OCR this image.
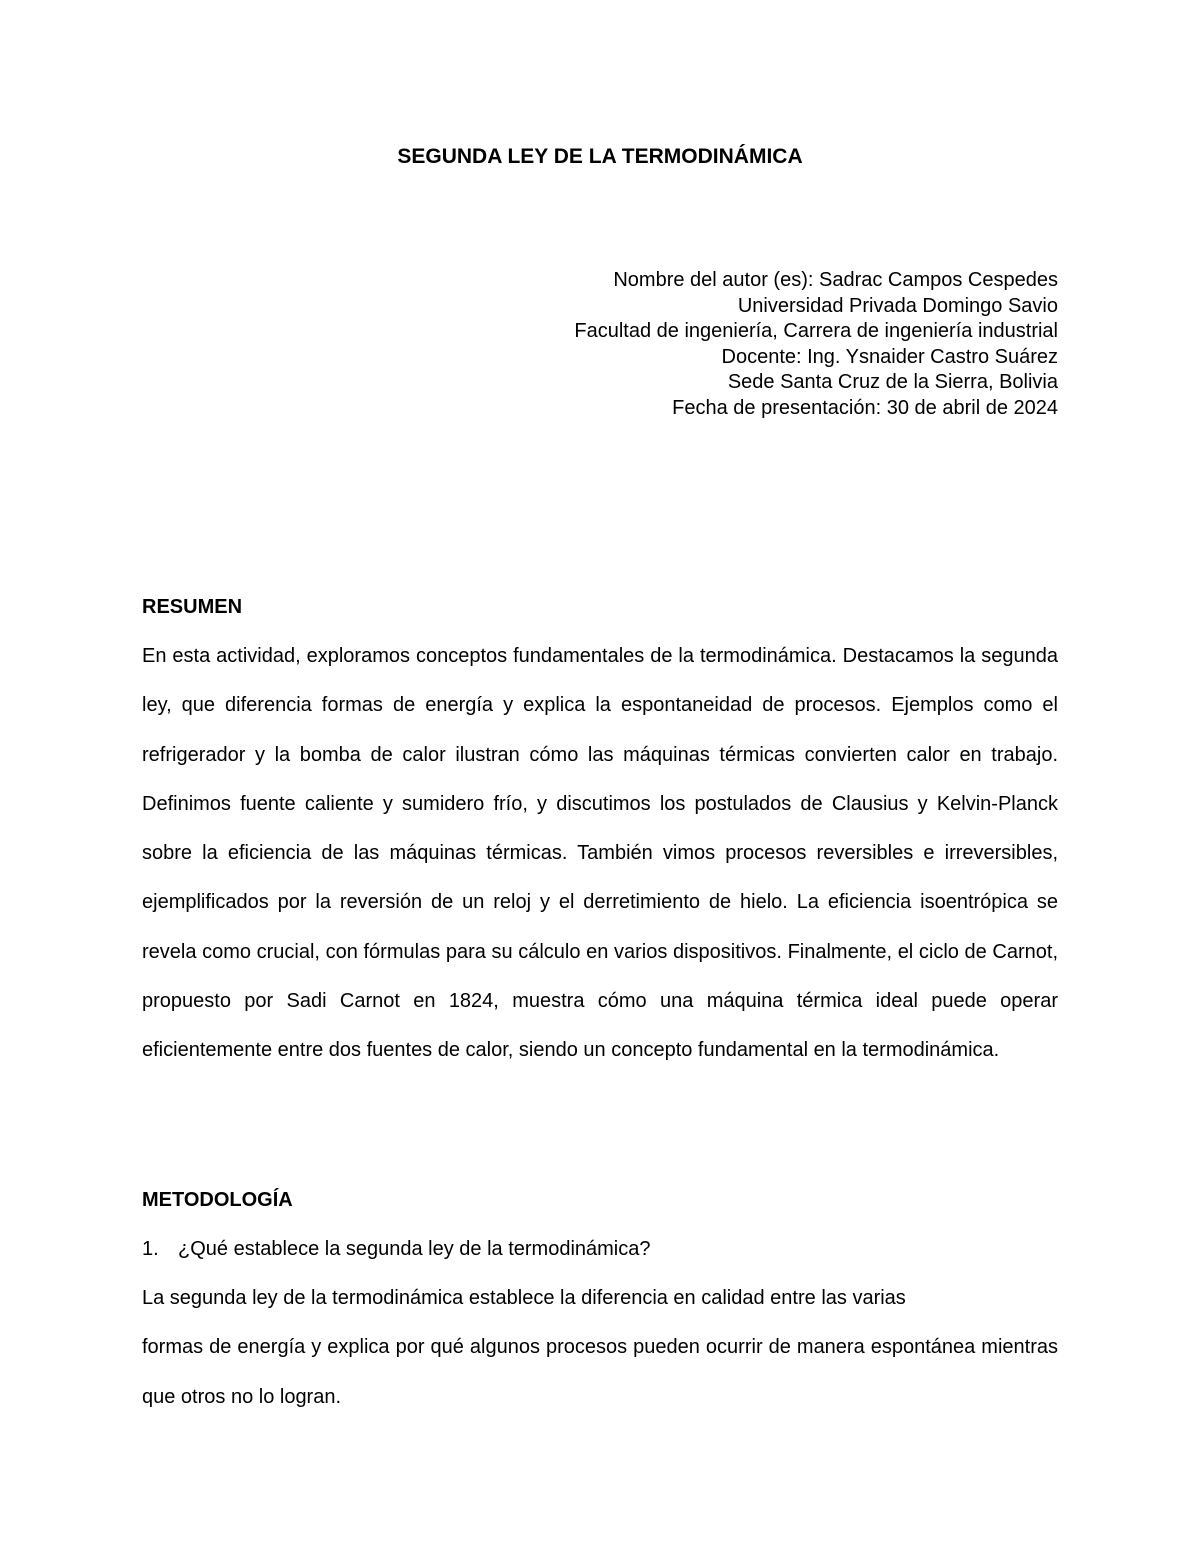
SEGUNDA LEY DE LA TERMODINÁMICA
Nombre del autor (es): Sadrac Campos Cespedes
Universidad Privada Domingo Savio
Facultad de ingeniería, Carrera de ingeniería industrial
Docente: Ing. Ysnaider Castro Suárez
Sede Santa Cruz de la Sierra, Bolivia
Fecha de presentación: 30 de abril de 2024
RESUMEN
En esta actividad, exploramos conceptos fundamentales de la termodinámica. Destacamos la segunda ley, que diferencia formas de energía y explica la espontaneidad de procesos. Ejemplos como el refrigerador y la bomba de calor ilustran cómo las máquinas térmicas convierten calor en trabajo. Definimos fuente caliente y sumidero frío, y discutimos los postulados de Clausius y Kelvin-Planck sobre la eficiencia de las máquinas térmicas. También vimos procesos reversibles e irreversibles, ejemplificados por la reversión de un reloj y el derretimiento de hielo. La eficiencia isoentrópica se revela como crucial, con fórmulas para su cálculo en varios dispositivos. Finalmente, el ciclo de Carnot, propuesto por Sadi Carnot en 1824, muestra cómo una máquina térmica ideal puede operar eficientemente entre dos fuentes de calor, siendo un concepto fundamental en la termodinámica.
METODOLOGÍA
1. ¿Qué establece la segunda ley de la termodinámica?
La segunda ley de la termodinámica establece la diferencia en calidad entre las varias
formas de energía y explica por qué algunos procesos pueden ocurrir de manera espontánea mientras que otros no lo logran.
